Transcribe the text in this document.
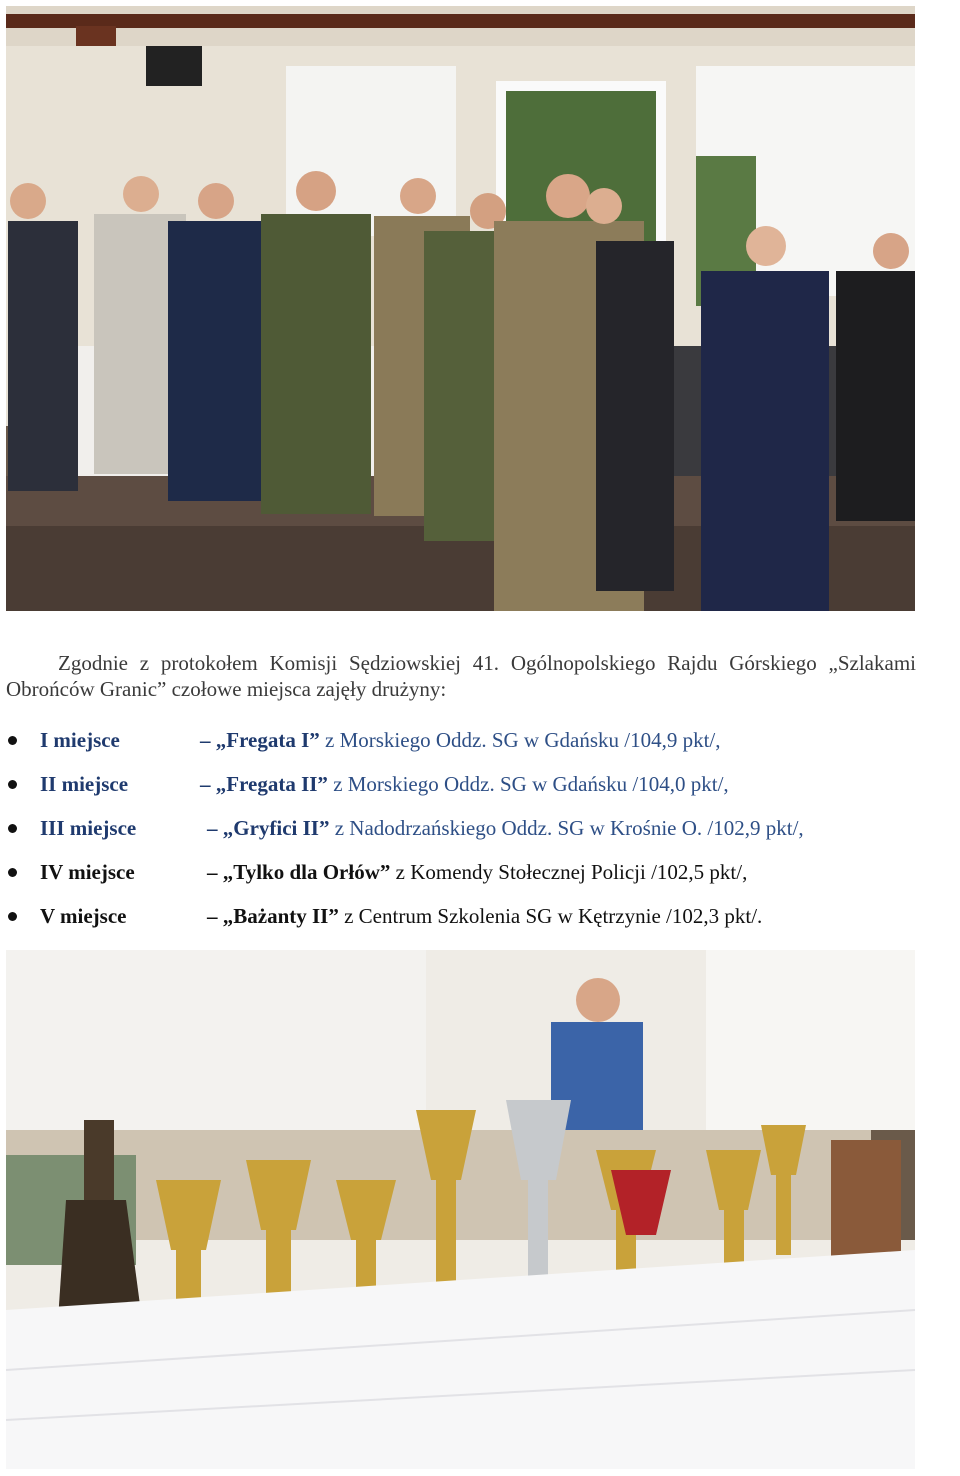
Zgodnie z protokołem Komisji Sędziowskiej 41. Ogólnopolskiego Rajdu Górskiego „Szlakami Obrońców Granic” czołowe miejsca zajęły drużyny:
I miejsce	– „Fregata I” z Morskiego Oddz. SG w Gdańsku /104,9 pkt/,
II miejsce	– „Fregata II” z Morskiego Oddz. SG w Gdańsku /104,0 pkt/,
III miejsce	– „Gryfici II” z Nadodrzańskiego Oddz. SG w Krośnie O. /102,9 pkt/,
IV miejsce	– „Tylko dla Orłów” z Komendy Stołecznej Policji /102,5 pkt/,
V miejsce	– „Bażanty II” z Centrum Szkolenia SG w Kętrzynie /102,3 pkt/.
